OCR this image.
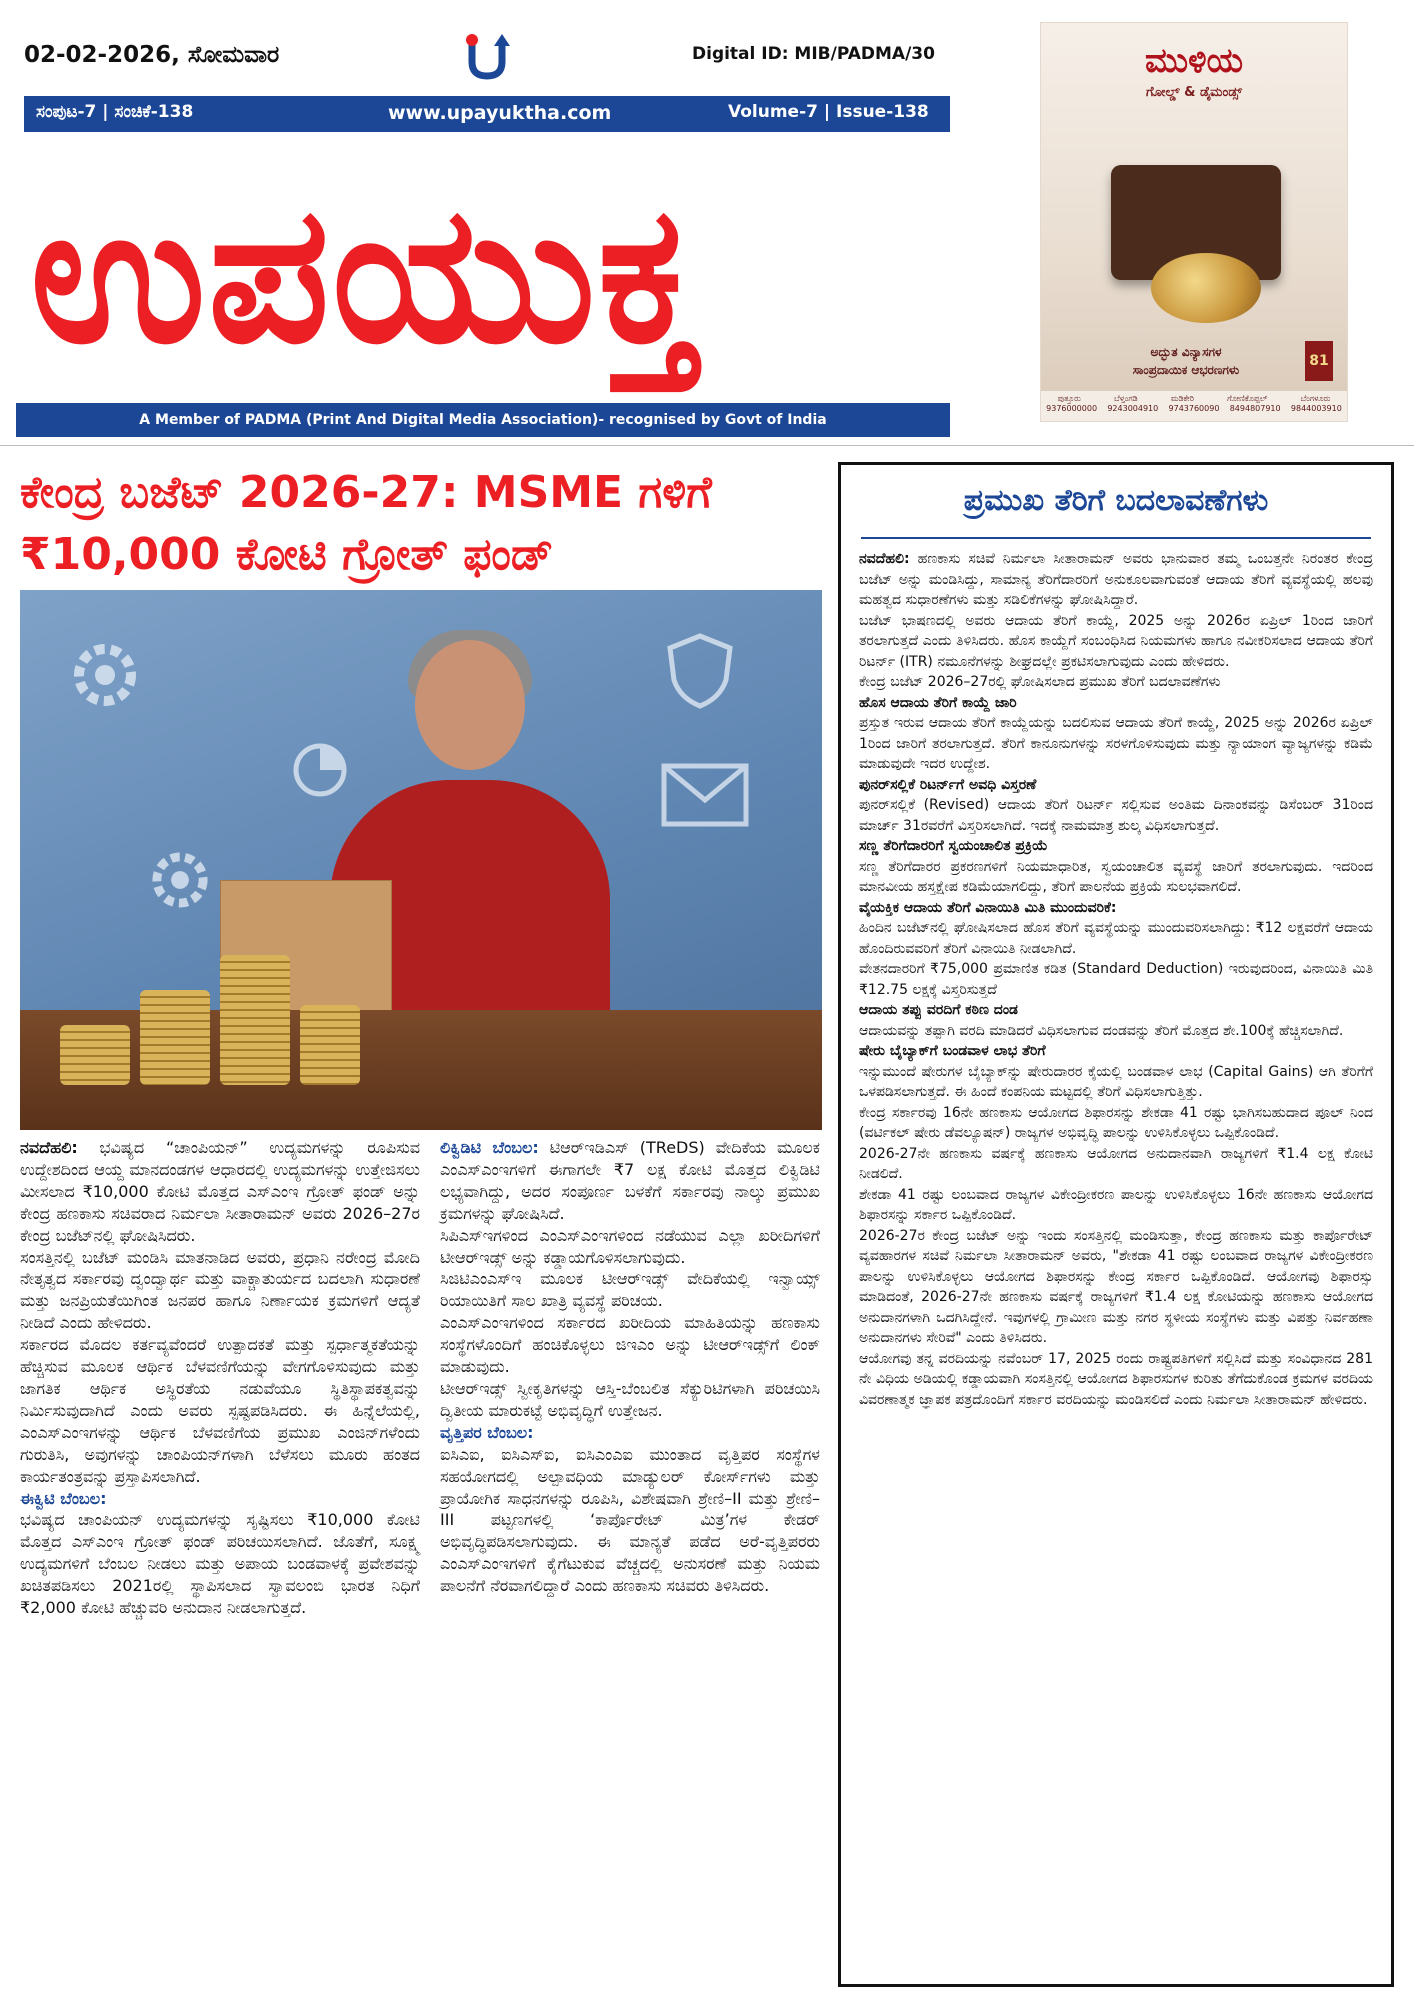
02-02-2026, ಸೋಮವಾರ	Digital ID: MIB/PADMA/30
ಸಂಪುಟ-7 | ಸಂಚಿಕೆ-138	www.upayuktha.com	Volume-7 | Issue-138
ಉಪಯುಕ್ತ
A Member of PADMA (Print And Digital Media Association)- recognised by Govt of India
ಮುಳಿಯ
ಗೋಲ್ಡ್ & ಡೈಮಂಡ್ಸ್
ಅದ್ಭುತ ವಿನ್ಯಾಸಗಳ
ಸಾಂಪ್ರದಾಯಿಕ ಆಭರಣಗಳು
81
ಪುತ್ತೂರು	ಬೆಳ್ತಂಗಡಿ	ಮಡಿಕೇರಿ	ಗೋಣಿಕೊಪ್ಪಲ್	ಬೆಂಗಳೂರು
9376000000 9243004910 9743760090 8494807910 9844003910
ಕೇಂದ್ರ ಬಜೆಟ್ 2026-27: MSME ಗಳಿಗೆ
₹10,000 ಕೋಟಿ ಗ್ರೋತ್ ಫಂಡ್

ನವದೆಹಲಿ: ಭವಿಷ್ಯದ “ಚಾಂಪಿಯನ್” ಉದ್ಯಮಗಳನ್ನು ರೂಪಿಸುವ ಉದ್ದೇಶದಿಂದ ಆಯ್ದ ಮಾನದಂಡಗಳ ಆಧಾರದಲ್ಲಿ ಉದ್ಯಮಗಳನ್ನು ಉತ್ತೇಜಿಸಲು ಮೀಸಲಾದ ₹10,000 ಕೋಟಿ ಮೊತ್ತದ ಎಸ್‌ಎಂಇ ಗ್ರೋತ್ ಫಂಡ್ ಅನ್ನು ಕೇಂದ್ರ ಹಣಕಾಸು ಸಚಿವರಾದ ನಿರ್ಮಲಾ ಸೀತಾರಾಮನ್ ಅವರು 2026–27ರ ಕೇಂದ್ರ ಬಜೆಟ್‌ನಲ್ಲಿ ಘೋಷಿಸಿದರು.

ಸಂಸತ್ತಿನಲ್ಲಿ ಬಜೆಟ್ ಮಂಡಿಸಿ ಮಾತನಾಡಿದ ಅವರು, ಪ್ರಧಾನಿ ನರೇಂದ್ರ ಮೋದಿ ನೇತೃತ್ವದ ಸರ್ಕಾರವು ದ್ವಂದ್ವಾರ್ಥ ಮತ್ತು ವಾಕ್ಚಾತುರ್ಯದ ಬದಲಾಗಿ ಸುಧಾರಣೆ ಮತ್ತು ಜನಪ್ರಿಯತೆಯಿಗಿಂತ ಜನಪರ ಹಾಗೂ ನಿರ್ಣಾಯಕ ಕ್ರಮಗಳಿಗೆ ಆದ್ಯತೆ ನೀಡಿದೆ ಎಂದು ಹೇಳಿದರು.

ಸರ್ಕಾರದ ಮೊದಲ ಕರ್ತವ್ಯವೆಂದರೆ ಉತ್ಪಾದಕತೆ ಮತ್ತು ಸ್ಪರ್ಧಾತ್ಮಕತೆಯನ್ನು ಹೆಚ್ಚಿಸುವ ಮೂಲಕ ಆರ್ಥಿಕ ಬೆಳವಣಿಗೆಯನ್ನು ವೇಗಗೊಳಿಸುವುದು ಮತ್ತು ಜಾಗತಿಕ ಆರ್ಥಿಕ ಅಸ್ಥಿರತೆಯ ನಡುವೆಯೂ ಸ್ಥಿತಿಸ್ಥಾಪಕತ್ವವನ್ನು ನಿರ್ಮಿಸುವುದಾಗಿದೆ ಎಂದು ಅವರು ಸ್ಪಷ್ಟಪಡಿಸಿದರು. ಈ ಹಿನ್ನೆಲೆಯಲ್ಲಿ, ಎಂಎಸ್‌ಎಂಇಗಳನ್ನು ಆರ್ಥಿಕ ಬೆಳವಣಿಗೆಯ ಪ್ರಮುಖ ಎಂಜಿನ್‌ಗಳೆಂದು ಗುರುತಿಸಿ, ಅವುಗಳನ್ನು ಚಾಂಪಿಯನ್‌ಗಳಾಗಿ ಬೆಳೆಸಲು ಮೂರು ಹಂತದ ಕಾರ್ಯತಂತ್ರವನ್ನು ಪ್ರಸ್ತಾಪಿಸಲಾಗಿದೆ.

ಈಕ್ವಿಟಿ ಬೆಂಬಲ:

ಭವಿಷ್ಯದ ಚಾಂಪಿಯನ್ ಉದ್ಯಮಗಳನ್ನು ಸೃಷ್ಟಿಸಲು ₹10,000 ಕೋಟಿ ಮೊತ್ತದ ಎಸ್‌ಎಂಇ ಗ್ರೋತ್ ಫಂಡ್ ಪರಿಚಯಿಸಲಾಗಿದೆ. ಜೊತೆಗೆ, ಸೂಕ್ಷ್ಮ ಉದ್ಯಮಗಳಿಗೆ ಬೆಂಬಲ ನೀಡಲು ಮತ್ತು ಅಪಾಯ ಬಂಡವಾಳಕ್ಕೆ ಪ್ರವೇಶವನ್ನು ಖಚಿತಪಡಿಸಲು 2021ರಲ್ಲಿ ಸ್ಥಾಪಿಸಲಾದ ಸ್ವಾವಲಂಬಿ ಭಾರತ ನಿಧಿಗೆ ₹2,000 ಕೋಟಿ ಹೆಚ್ಚುವರಿ ಅನುದಾನ ನೀಡಲಾಗುತ್ತದೆ.

ಲಿಕ್ವಿಡಿಟಿ ಬೆಂಬಲ: ಟಿಆರ್‌ಇಡಿಎಸ್ (TReDS) ವೇದಿಕೆಯ ಮೂಲಕ ಎಂಎಸ್‌ಎಂಇಗಳಿಗೆ ಈಗಾಗಲೇ ₹7 ಲಕ್ಷ ಕೋಟಿ ಮೊತ್ತದ ಲಿಕ್ವಿಡಿಟಿ ಲಭ್ಯವಾಗಿದ್ದು, ಅದರ ಸಂಪೂರ್ಣ ಬಳಕೆಗೆ ಸರ್ಕಾರವು ನಾಲ್ಕು ಪ್ರಮುಖ ಕ್ರಮಗಳನ್ನು ಘೋಷಿಸಿದೆ.

ಸಿಪಿಎಸ್‌ಇಗಳಿಂದ ಎಂಎಸ್‌ಎಂಇಗಳಿಂದ ನಡೆಯುವ ಎಲ್ಲಾ ಖರೀದಿಗಳಿಗೆ ಟೀಆರ್‌ಇಡ್ಸ್ ಅನ್ನು ಕಡ್ಡಾಯಗೊಳಿಸಲಾಗುವುದು.

ಸಿಜಿಟಿಎಂಎಸ್‌ಇ ಮೂಲಕ ಟೀಆರ್‌ಇಡ್ಸ್ ವೇದಿಕೆಯಲ್ಲಿ ಇನ್ವಾಯ್ಸ್ ರಿಯಾಯಿತಿಗೆ ಸಾಲ ಖಾತ್ರಿ ವ್ಯವಸ್ಥೆ ಪರಿಚಯ.

ಎಂಎಸ್‌ಎಂಇಗಳಿಂದ ಸರ್ಕಾರದ ಖರೀದಿಯ ಮಾಹಿತಿಯನ್ನು ಹಣಕಾಸು ಸಂಸ್ಥೆಗಳೊಂದಿಗೆ ಹಂಚಿಕೊಳ್ಳಲು ಜಿಇಎಂ ಅನ್ನು ಟೀಆರ್‌ಇಡ್ಸ್‌ಗೆ ಲಿಂಕ್ ಮಾಡುವುದು.

ಟೀಆರ್‌ಇಡ್ಸ್ ಸ್ವೀಕೃತಿಗಳನ್ನು ಆಸ್ತಿ-ಬೆಂಬಲಿತ ಸೆಕ್ಯುರಿಟಿಗಳಾಗಿ ಪರಿಚಯಿಸಿ ದ್ವಿತೀಯ ಮಾರುಕಟ್ಟೆ ಅಭಿವೃದ್ಧಿಗೆ ಉತ್ತೇಜನ.

ವೃತ್ತಿಪರ ಬೆಂಬಲ:

ಐಸಿಎಐ, ಐಸಿಎಸ್‌ಐ, ಐಸಿಎಂಎಐ ಮುಂತಾದ ವೃತ್ತಿಪರ ಸಂಸ್ಥೆಗಳ ಸಹಯೋಗದಲ್ಲಿ ಅಲ್ಪಾವಧಿಯ ಮಾಡ್ಯುಲರ್ ಕೋರ್ಸ್‌ಗಳು ಮತ್ತು ಪ್ರಾಯೋಗಿಕ ಸಾಧನಗಳನ್ನು ರೂಪಿಸಿ, ವಿಶೇಷವಾಗಿ ಶ್ರೇಣಿ–II ಮತ್ತು ಶ್ರೇಣಿ–III ಪಟ್ಟಣಗಳಲ್ಲಿ ‘ಕಾರ್ಪೊರೇಟ್ ಮಿತ್ರ’ಗಳ ಕೇಡರ್ ಅಭಿವೃದ್ಧಿಪಡಿಸಲಾಗುವುದು. ಈ ಮಾನ್ಯತೆ ಪಡೆದ ಅರೆ-ವೃತ್ತಿಪರರು ಎಂಎಸ್‌ಎಂಇಗಳಿಗೆ ಕೈಗೆಟುಕುವ ವೆಚ್ಚದಲ್ಲಿ ಅನುಸರಣೆ ಮತ್ತು ನಿಯಮ ಪಾಲನೆಗೆ ನೆರವಾಗಲಿದ್ದಾರೆ ಎಂದು ಹಣಕಾಸು ಸಚಿವರು ತಿಳಿಸಿದರು.

ಪ್ರಮುಖ ತೆರಿಗೆ ಬದಲಾವಣೆಗಳು

ನವದೆಹಲಿ: ಹಣಕಾಸು ಸಚಿವೆ ನಿರ್ಮಲಾ ಸೀತಾರಾಮನ್ ಅವರು ಭಾನುವಾರ ತಮ್ಮ ಒಂಬತ್ತನೇ ನಿರಂತರ ಕೇಂದ್ರ ಬಜೆಟ್ ಅನ್ನು ಮಂಡಿಸಿದ್ದು, ಸಾಮಾನ್ಯ ತೆರಿಗೆದಾರರಿಗೆ ಅನುಕೂಲವಾಗುವಂತೆ ಆದಾಯ ತೆರಿಗೆ ವ್ಯವಸ್ಥೆಯಲ್ಲಿ ಹಲವು ಮಹತ್ವದ ಸುಧಾರಣೆಗಳು ಮತ್ತು ಸಡಿಲಿಕೆಗಳನ್ನು ಘೋಷಿಸಿದ್ದಾರೆ.

ಬಜೆಟ್ ಭಾಷಣದಲ್ಲಿ ಅವರು ಆದಾಯ ತೆರಿಗೆ ಕಾಯ್ದೆ, 2025 ಅನ್ನು 2026ರ ಏಪ್ರಿಲ್ 1ರಿಂದ ಜಾರಿಗೆ ತರಲಾಗುತ್ತದೆ ಎಂದು ತಿಳಿಸಿದರು. ಹೊಸ ಕಾಯ್ದೆಗೆ ಸಂಬಂಧಿಸಿದ ನಿಯಮಗಳು ಹಾಗೂ ನವೀಕರಿಸಲಾದ ಆದಾಯ ತೆರಿಗೆ ರಿಟರ್ನ್ (ITR) ನಮೂನೆಗಳನ್ನು ಶೀಘ್ರದಲ್ಲೇ ಪ್ರಕಟಿಸಲಾಗುವುದು ಎಂದು ಹೇಳಿದರು.

ಕೇಂದ್ರ ಬಜೆಟ್ 2026–27ರಲ್ಲಿ ಘೋಷಿಸಲಾದ ಪ್ರಮುಖ ತೆರಿಗೆ ಬದಲಾವಣೆಗಳು

ಹೊಸ ಆದಾಯ ತೆರಿಗೆ ಕಾಯ್ದೆ ಜಾರಿ

ಪ್ರಸ್ತುತ ಇರುವ ಆದಾಯ ತೆರಿಗೆ ಕಾಯ್ದೆಯನ್ನು ಬದಲಿಸುವ ಆದಾಯ ತೆರಿಗೆ ಕಾಯ್ದೆ, 2025 ಅನ್ನು 2026ರ ಏಪ್ರಿಲ್ 1ರಿಂದ ಜಾರಿಗೆ ತರಲಾಗುತ್ತದೆ. ತೆರಿಗೆ ಕಾನೂನುಗಳನ್ನು ಸರಳಗೊಳಿಸುವುದು ಮತ್ತು ನ್ಯಾಯಾಂಗ ವ್ಯಾಜ್ಯಗಳನ್ನು ಕಡಿಮೆ ಮಾಡುವುದೇ ಇದರ ಉದ್ದೇಶ.

ಪುನರ್‌ಸಲ್ಲಿಕೆ ರಿಟರ್ನ್‌ಗೆ ಅವಧಿ ವಿಸ್ತರಣೆ

ಪುನರ್‌ಸಲ್ಲಿಕೆ (Revised) ಆದಾಯ ತೆರಿಗೆ ರಿಟರ್ನ್ ಸಲ್ಲಿಸುವ ಅಂತಿಮ ದಿನಾಂಕವನ್ನು ಡಿಸೆಂಬರ್ 31ರಿಂದ ಮಾರ್ಚ್ 31ರವರೆಗೆ ವಿಸ್ತರಿಸಲಾಗಿದೆ. ಇದಕ್ಕೆ ನಾಮಮಾತ್ರ ಶುಲ್ಕ ವಿಧಿಸಲಾಗುತ್ತದೆ.

ಸಣ್ಣ ತೆರಿಗೆದಾರರಿಗೆ ಸ್ವಯಂಚಾಲಿತ ಪ್ರಕ್ರಿಯೆ

ಸಣ್ಣ ತೆರಿಗೆದಾರರ ಪ್ರಕರಣಗಳಿಗೆ ನಿಯಮಾಧಾರಿತ, ಸ್ವಯಂಚಾಲಿತ ವ್ಯವಸ್ಥೆ ಜಾರಿಗೆ ತರಲಾಗುವುದು. ಇದರಿಂದ ಮಾನವೀಯ ಹಸ್ತಕ್ಷೇಪ ಕಡಿಮೆಯಾಗಲಿದ್ದು, ತೆರಿಗೆ ಪಾಲನೆಯ ಪ್ರಕ್ರಿಯೆ ಸುಲಭವಾಗಲಿದೆ.

ವೈಯಕ್ತಿಕ ಆದಾಯ ತೆರಿಗೆ ವಿನಾಯಿತಿ ಮಿತಿ ಮುಂದುವರಿಕೆ:

ಹಿಂದಿನ ಬಜೆಟ್‌ನಲ್ಲಿ ಘೋಷಿಸಲಾದ ಹೊಸ ತೆರಿಗೆ ವ್ಯವಸ್ಥೆಯನ್ನು ಮುಂದುವರಿಸಲಾಗಿದ್ದು: ₹12 ಲಕ್ಷವರೆಗೆ ಆದಾಯ ಹೊಂದಿರುವವರಿಗೆ ತೆರಿಗೆ ವಿನಾಯಿತಿ ನೀಡಲಾಗಿದೆ.

ವೇತನದಾರರಿಗೆ ₹75,000 ಪ್ರಮಾಣಿತ ಕಡಿತ (Standard Deduction) ಇರುವುದರಿಂದ, ವಿನಾಯಿತಿ ಮಿತಿ ₹12.75 ಲಕ್ಷಕ್ಕೆ ವಿಸ್ತರಿಸುತ್ತದೆ

ಆದಾಯ ತಪ್ಪು ವರದಿಗೆ ಕಠಿಣ ದಂಡ

ಆದಾಯವನ್ನು ತಪ್ಪಾಗಿ ವರದಿ ಮಾಡಿದರೆ ವಿಧಿಸಲಾಗುವ ದಂಡವನ್ನು ತೆರಿಗೆ ಮೊತ್ತದ ಶೇ.100ಕ್ಕೆ ಹೆಚ್ಚಿಸಲಾಗಿದೆ.

ಷೇರು ಬೈಬ್ಯಾಕ್‌ಗೆ ಬಂಡವಾಳ ಲಾಭ ತೆರಿಗೆ

ಇನ್ನುಮುಂದೆ ಷೇರುಗಳ ಬೈಬ್ಯಾಕ್‌ನ್ನು ಷೇರುದಾರರ ಕೈಯಲ್ಲಿ ಬಂಡವಾಳ ಲಾಭ (Capital Gains) ಆಗಿ ತೆರಿಗೆಗೆ ಒಳಪಡಿಸಲಾಗುತ್ತದೆ. ಈ ಹಿಂದೆ ಕಂಪನಿಯ ಮಟ್ಟದಲ್ಲಿ ತೆರಿಗೆ ವಿಧಿಸಲಾಗುತ್ತಿತ್ತು.

ಕೇಂದ್ರ ಸರ್ಕಾರವು 16ನೇ ಹಣಕಾಸು ಆಯೋಗದ ಶಿಫಾರಸನ್ನು ಶೇಕಡಾ 41 ರಷ್ಟು ಭಾಗಿಸಬಹುದಾದ ಪೂಲ್ ನಿಂದ (ವರ್ಟಿಕಲ್ ಷೇರು ಡೆವಲ್ಯೂಷನ್) ರಾಜ್ಯಗಳ ಅಭಿವೃದ್ಧಿ ಪಾಲನ್ನು ಉಳಿಸಿಕೊಳ್ಳಲು ಒಪ್ಪಿಕೊಂಡಿದೆ.

2026-27ನೇ ಹಣಕಾಸು ವರ್ಷಕ್ಕೆ ಹಣಕಾಸು ಆಯೋಗದ ಅನುದಾನವಾಗಿ ರಾಜ್ಯಗಳಿಗೆ ₹1.4 ಲಕ್ಷ ಕೋಟಿ ನೀಡಲಿದೆ.

ಶೇಕಡಾ 41 ರಷ್ಟು ಲಂಬವಾದ ರಾಜ್ಯಗಳ ವಿಕೇಂದ್ರೀಕರಣ ಪಾಲನ್ನು ಉಳಿಸಿಕೊಳ್ಳಲು 16ನೇ ಹಣಕಾಸು ಆಯೋಗದ ಶಿಫಾರಸನ್ನು ಸರ್ಕಾರ ಒಪ್ಪಿಕೊಂಡಿದೆ.

2026-27ರ ಕೇಂದ್ರ ಬಜೆಟ್ ಅನ್ನು ಇಂದು ಸಂಸತ್ತಿನಲ್ಲಿ ಮಂಡಿಸುತ್ತಾ, ಕೇಂದ್ರ ಹಣಕಾಸು ಮತ್ತು ಕಾರ್ಪೊರೇಟ್ ವ್ಯವಹಾರಗಳ ಸಚಿವೆ ನಿರ್ಮಲಾ ಸೀತಾರಾಮನ್ ಅವರು, "ಶೇಕಡಾ 41 ರಷ್ಟು ಲಂಬವಾದ ರಾಜ್ಯಗಳ ವಿಕೇಂದ್ರೀಕರಣ ಪಾಲನ್ನು ಉಳಿಸಿಕೊಳ್ಳಲು ಆಯೋಗದ ಶಿಫಾರಸನ್ನು ಕೇಂದ್ರ ಸರ್ಕಾರ ಒಪ್ಪಿಕೊಂಡಿದೆ. ಆಯೋಗವು ಶಿಫಾರಸ್ಸು ಮಾಡಿದಂತೆ, 2026-27ನೇ ಹಣಕಾಸು ವರ್ಷಕ್ಕೆ ರಾಜ್ಯಗಳಿಗೆ ₹1.4 ಲಕ್ಷ ಕೋಟಿಯನ್ನು ಹಣಕಾಸು ಆಯೋಗದ ಅನುದಾನಗಳಾಗಿ ಒದಗಿಸಿದ್ದೇನೆ. ಇವುಗಳಲ್ಲಿ ಗ್ರಾಮೀಣ ಮತ್ತು ನಗರ ಸ್ಥಳೀಯ ಸಂಸ್ಥೆಗಳು ಮತ್ತು ವಿಪತ್ತು ನಿರ್ವಹಣಾ ಅನುದಾನಗಳು ಸೇರಿವೆ" ಎಂದು ತಿಳಿಸಿದರು.

ಆಯೋಗವು ತನ್ನ ವರದಿಯನ್ನು ನವೆಂಬರ್ 17, 2025 ರಂದು ರಾಷ್ಟ್ರಪತಿಗಳಿಗೆ ಸಲ್ಲಿಸಿದೆ ಮತ್ತು ಸಂವಿಧಾನದ 281 ನೇ ವಿಧಿಯ ಅಡಿಯಲ್ಲಿ ಕಡ್ಡಾಯವಾಗಿ ಸಂಸತ್ತಿನಲ್ಲಿ ಆಯೋಗದ ಶಿಫಾರಸುಗಳ ಕುರಿತು ತೆಗೆದುಕೊಂಡ ಕ್ರಮಗಳ ವರದಿಯ ವಿವರಣಾತ್ಮಕ ಜ್ಞಾಪಕ ಪತ್ರದೊಂದಿಗೆ ಸರ್ಕಾರ ವರದಿಯನ್ನು ಮಂಡಿಸಲಿದೆ ಎಂದು ನಿರ್ಮಲಾ ಸೀತಾರಾಮನ್ ಹೇಳಿದರು.
